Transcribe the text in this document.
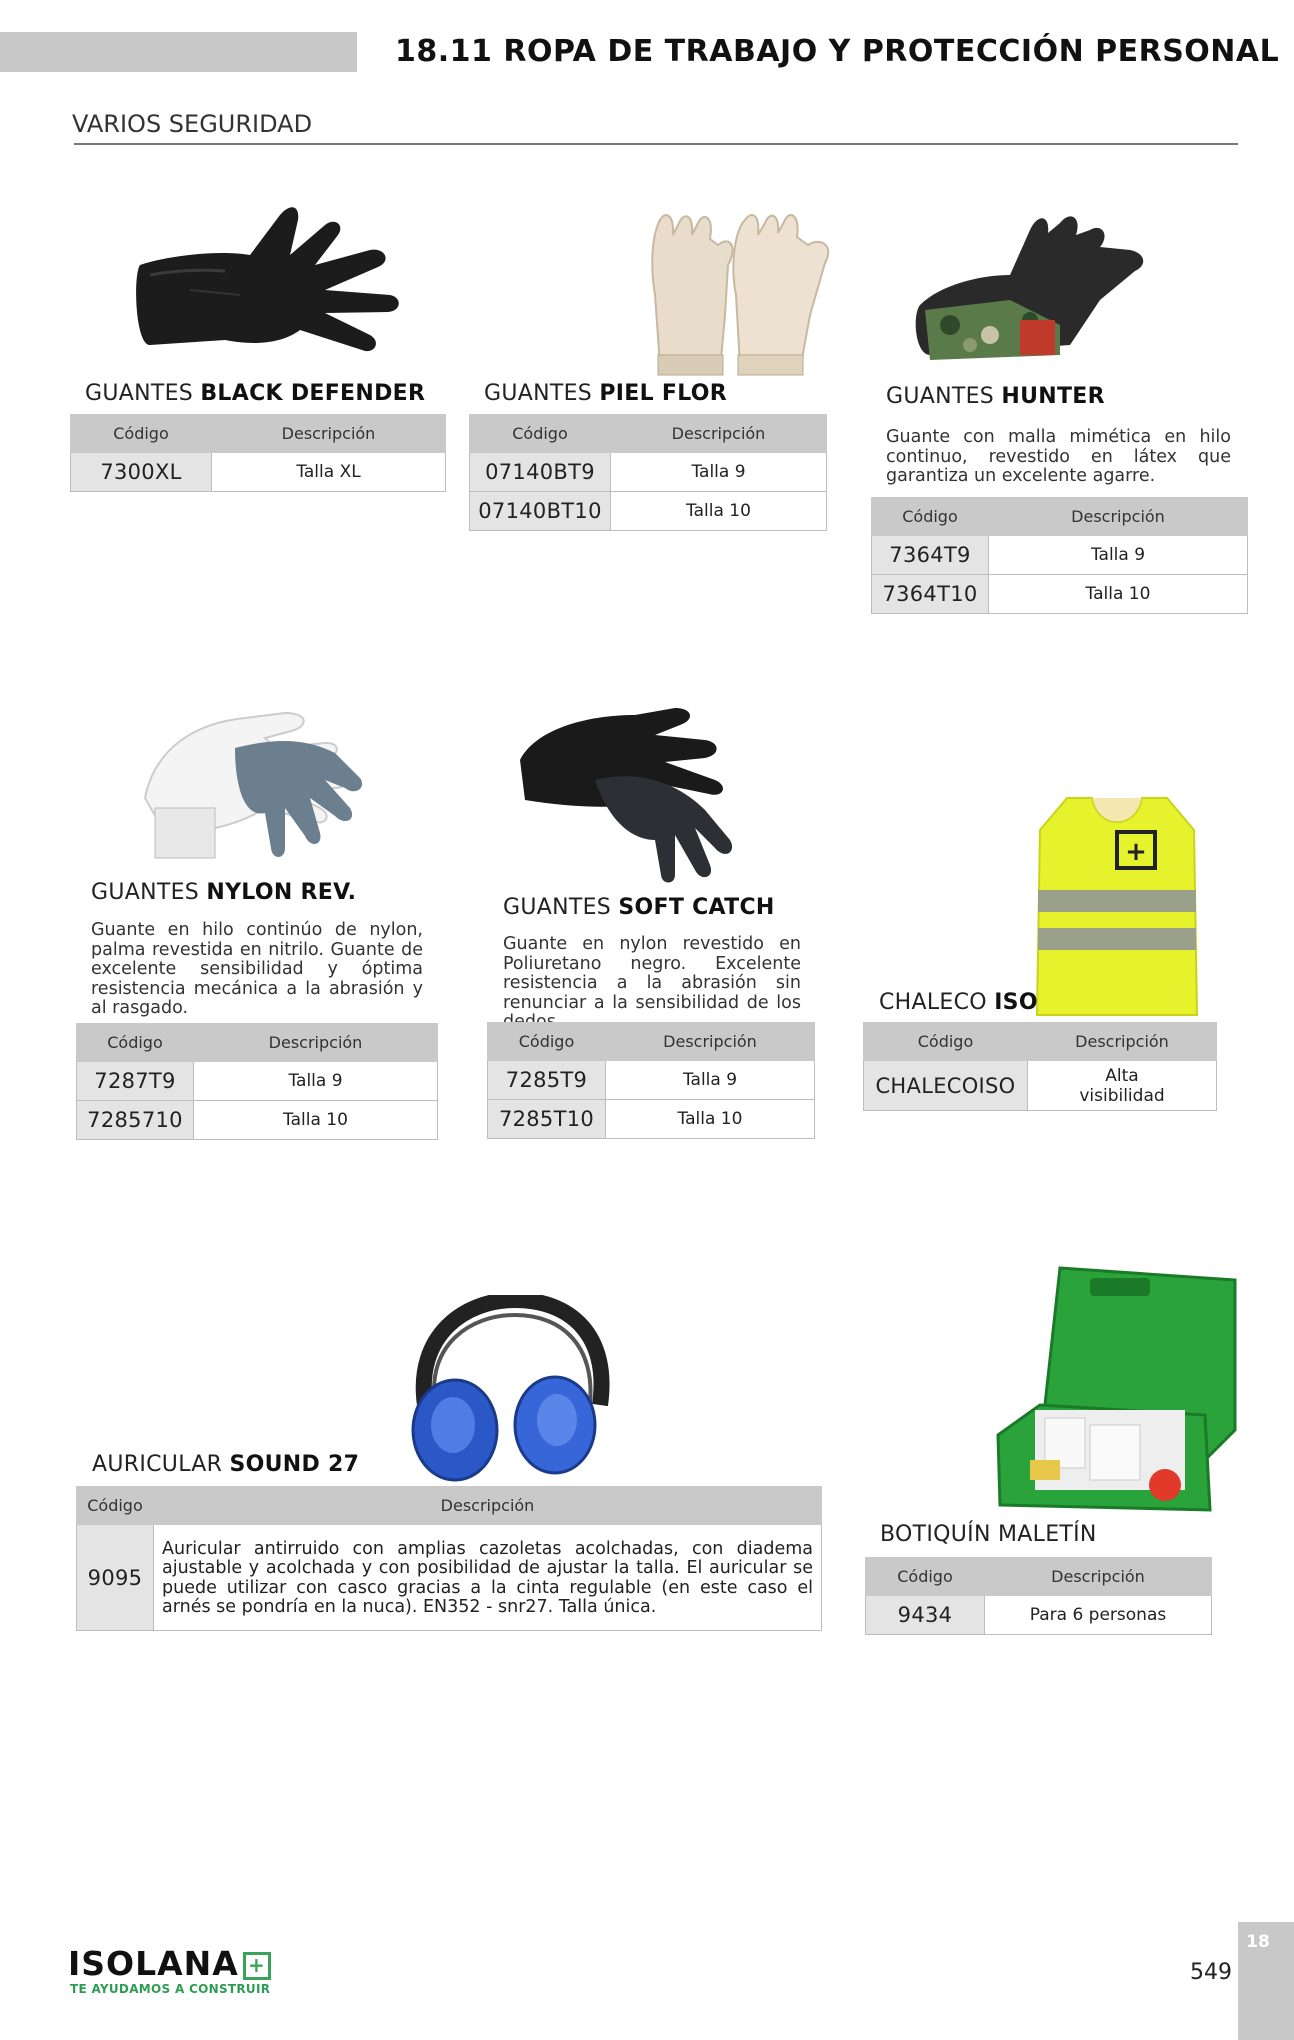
18.11 ROPA DE TRABAJO Y PROTECCIÓN PERSONAL
VARIOS SEGURIDAD
GUANTES BLACK DEFENDER
Código	Descripción
7300XL	Talla XL
GUANTES PIEL FLOR
Código	Descripción
07140BT9	Talla 9
07140BT10	Talla 10
GUANTES HUNTER
Guante con malla mimética en hilo continuo, revestido en látex que garantiza un excelente agarre.
Código	Descripción
7364T9	Talla 9
7364T10	Talla 10
GUANTES NYLON REV.
Guante en hilo continúo de nylon, palma revestida en nitrilo. Guante de excelente sensibilidad y óptima resistencia mecánica a la abrasión y al rasgado.
Código	Descripción
7287T9	Talla 9
7285710	Talla 10
GUANTES SOFT CATCH
Guante en nylon revestido en Poliuretano negro. Excelente resistencia a la abrasión sin renunciar a la sensibilidad de los
Código	Descripción
7285T9	Talla 9
7285T10	Talla 10
+
CHALECO ISO
Código	Descripción
CHALECOISO	Alta visibilidad
AURICULAR SOUND 27
Código	Descripción
9095	Auricular antirruido con amplias cazoletas acolchadas, con diadema ajustable y acolchada y con posibilidad de ajustar la talla. El auricular se puede utilizar con casco gracias a la cinta regulable (en este caso el arnés se pondría en la nuca). EN352 - snr27. Talla única.
BOTIQUÍN MALETÍN
Código	Descripción
9434	Para 6 personas
ISOLANA +
TE AYUDAMOS A CONSTRUIR
18
549
